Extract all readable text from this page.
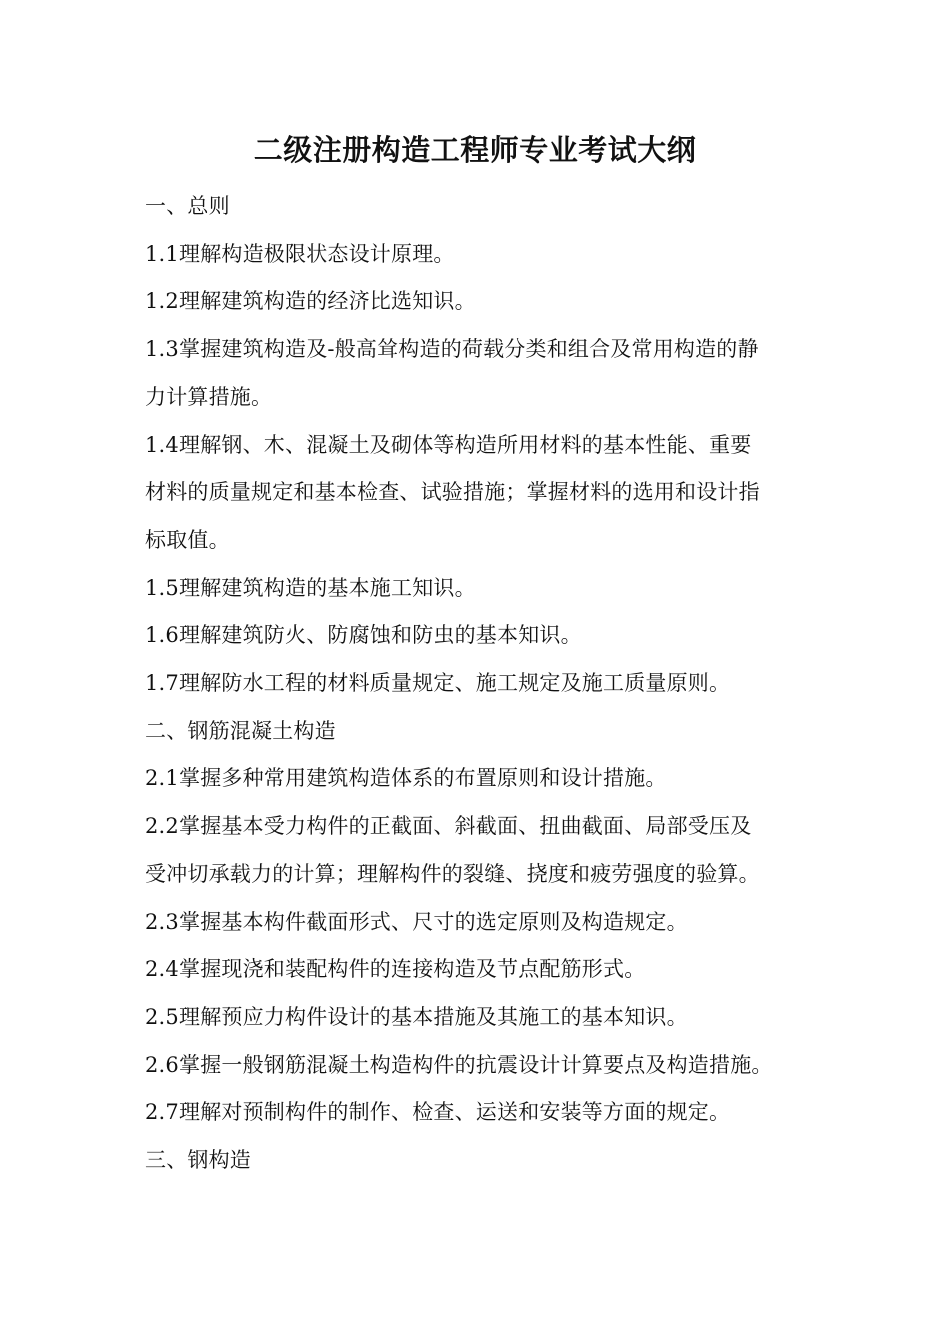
二级注册构造工程师专业考试大纲

一、总则

1.1理解构造极限状态设计原理。

1.2理解建筑构造的经济比选知识。

1.3掌握建筑构造及-般高耸构造的荷载分类和组合及常用构造的静

力计算措施。

1.4理解钢、木、混凝土及砌体等构造所用材料的基本性能、重要

材料的质量规定和基本检查、试验措施；掌握材料的选用和设计指

标取值。

1.5理解建筑构造的基本施工知识。

1.6理解建筑防火、防腐蚀和防虫的基本知识。

1.7理解防水工程的材料质量规定、施工规定及施工质量原则。

二、钢筋混凝土构造

2.1掌握多种常用建筑构造体系的布置原则和设计措施。

2.2掌握基本受力构件的正截面、斜截面、扭曲截面、局部受压及

受冲切承载力的计算；理解构件的裂缝、挠度和疲劳强度的验算。

2.3掌握基本构件截面形式、尺寸的选定原则及构造规定。

2.4掌握现浇和装配构件的连接构造及节点配筋形式。

2.5理解预应力构件设计的基本措施及其施工的基本知识。

2.6掌握一般钢筋混凝土构造构件的抗震设计计算要点及构造措施。

2.7理解对预制构件的制作、检查、运送和安装等方面的规定。

三、钢构造
